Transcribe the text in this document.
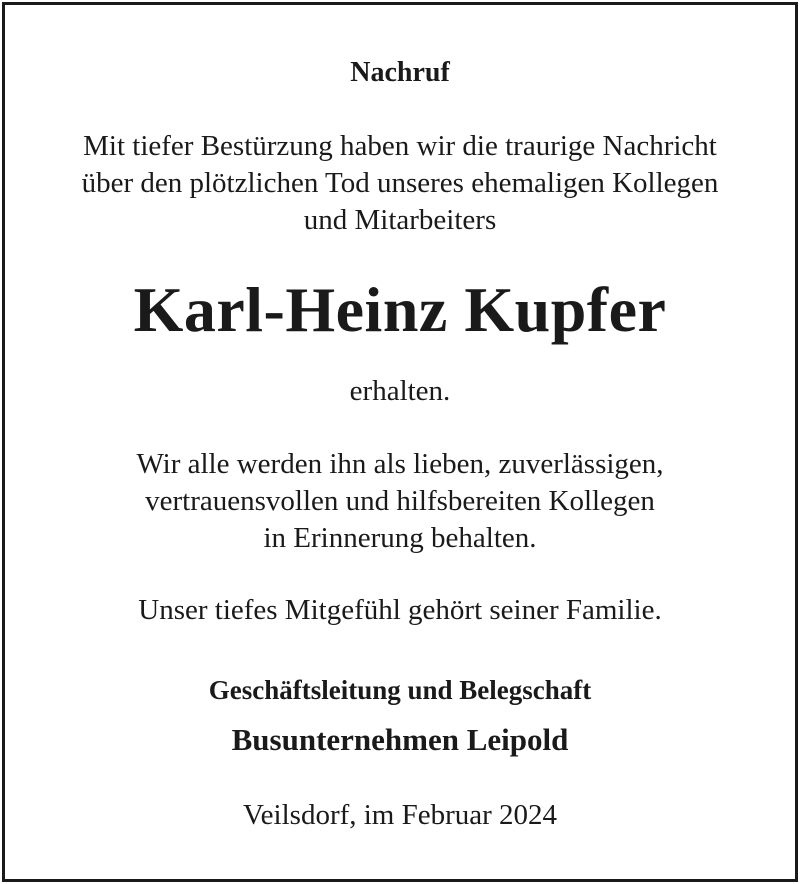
Nachruf
Mit tiefer Bestürzung haben wir die traurige Nachricht
über den plötzlichen Tod unseres ehemaligen Kollegen
und Mitarbeiters
Karl-Heinz Kupfer
erhalten.
Wir alle werden ihn als lieben, zuverlässigen,
vertrauensvollen und hilfsbereiten Kollegen
in Erinnerung behalten.
Unser tiefes Mitgefühl gehört seiner Familie.
Geschäftsleitung und Belegschaft
Busunternehmen Leipold
Veilsdorf, im Februar 2024
